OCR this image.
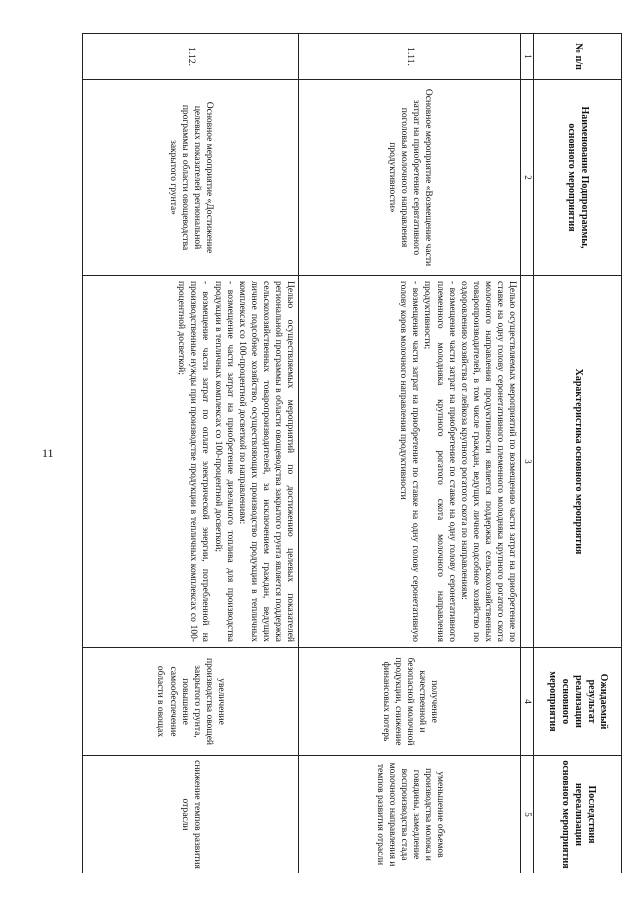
11
№ п/п	Наименование Подпрограммы, основного мероприятия	Характеристика основного мероприятия	Ожидаемый результат реализации основного мероприятия	Последствия нереализации основного мероприятия
1	2	3	4	5
1.11.	Основное мероприятие «Возмещение части затрат на приобретение сервтативного поголовья молочного направления продуктивности»	Целью осуществляемых мероприятий по возмещению части затрат на приобретение по ставке на одну голову серонетативного племенного молодняка крупного рогатого скота молочного направления продуктивности является поддержка сельскохозяйственных товаропроизводителей, в том числе граждан, ведущих личное подсобное хозяйство по оздоровлению хозяйства от лейкоза крупного рогатого скота по направлениям:

- возмещение части затрат на приобретение по ставке на одну голову серонетативного племенного молодняка крупного рогатого скота молочного направления продуктивности;

- возмещение части затрат на приобретение по ставке на одну голову серонетативную голову коров молочного направления продуктивности	получение качественной и безопасной молочной продукции, снижение финансовых потерь	уменьшение объемов производства молока и говядины, замедление воспроизводства стада молочного направления и темпов развития отрасли
1.12.	Основное мероприятие «Достижение целевых показателей региональной программы в области овощеводства закрытого грунта»	Целью осуществляемых мероприятий по достижению целевых показателей региональной программы в области овощеводства закрытого грунта является поддержка сельскохозяйственных товаропроизводителей, за исключением граждан, ведущих личное подсобное хозяйство, осуществляющих производство продукции в тепличных комплексах со 100-процентной досветкой по направлениям:

- возмещение части затрат на приобретение дизельного топлива для производства продукции в тепличных комплексах со 100-процентной досветкой;

- возмещение части затрат по оплате электрической энергии, потребленной на производственные нужды при производстве продукции в тепличных комплексах со 100-процентной досветкой;	увеличение производства овощей закрытого грунта, повышение самообеспечение области в овощах	снижение темпов развития отрасли
